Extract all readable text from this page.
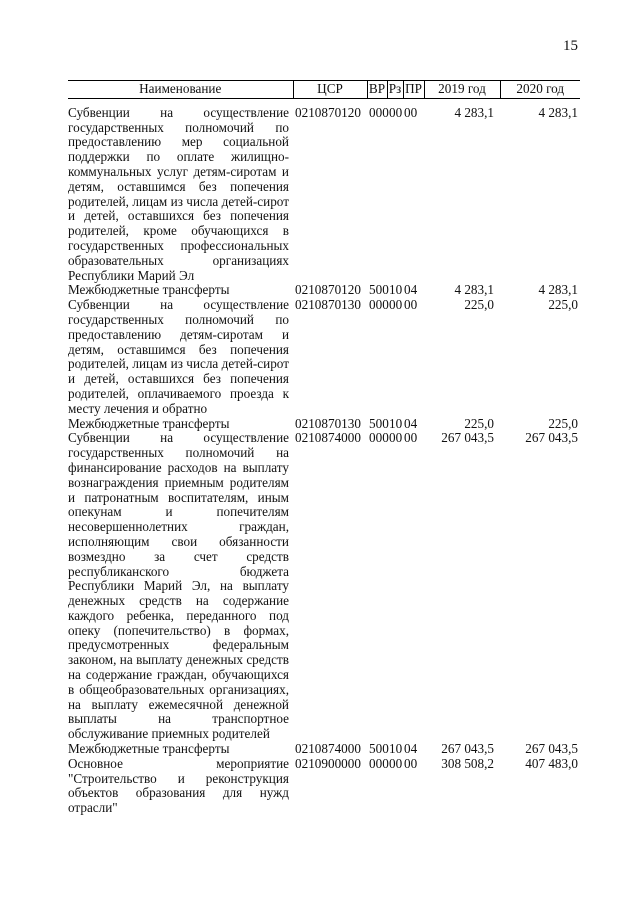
15
Наименование	ЦСР	ВР	Рз	ПР	2019 год	2020 год
Субвенции на осуществление государственных полномочий по предоставлению мер социальной поддержки по оплате жилищно-коммунальных услуг детям-сиротам и детям, оставшимся без попечения родителей, лицам из числа детей-сирот и детей, оставшихся без попечения родителей, кроме обучающихся в государственных профессиональных образовательных организациях Республики Марий Эл	0210870120	000	00	00	4 283,1	4 283,1
Межбюджетные трансферты	0210870120	500	10	04	4 283,1	4 283,1
Субвенции на осуществление государственных полномочий по предоставлению детям-сиротам и детям, оставшимся без попечения родителей, лицам из числа детей-сирот и детей, оставшихся без попечения родителей, оплачиваемого проезда к месту лечения и обратно	0210870130	000	00	00	225,0	225,0
Межбюджетные трансферты	0210870130	500	10	04	225,0	225,0
Субвенции на осуществление государственных полномочий на финансирование расходов на выплату вознаграждения приемным родителям и патронатным воспитателям, иным опекунам и попечителям несовершеннолетних граждан, исполняющим свои обязанности возмездно за счет средств республиканского бюджета Республики Марий Эл, на выплату денежных средств на содержание каждого ребенка, переданного под опеку (попечительство) в формах, предусмотренных федеральным законом, на выплату денежных средств на содержание граждан, обучающихся в общеобразовательных организациях, на выплату ежемесячной денежной выплаты на транспортное обслуживание приемных родителей	0210874000	000	00	00	267 043,5	267 043,5
Межбюджетные трансферты	0210874000	500	10	04	267 043,5	267 043,5
Основное мероприятие "Строительство и реконструкция объектов образования для нужд отрасли"	0210900000	000	00	00	308 508,2	407 483,0
